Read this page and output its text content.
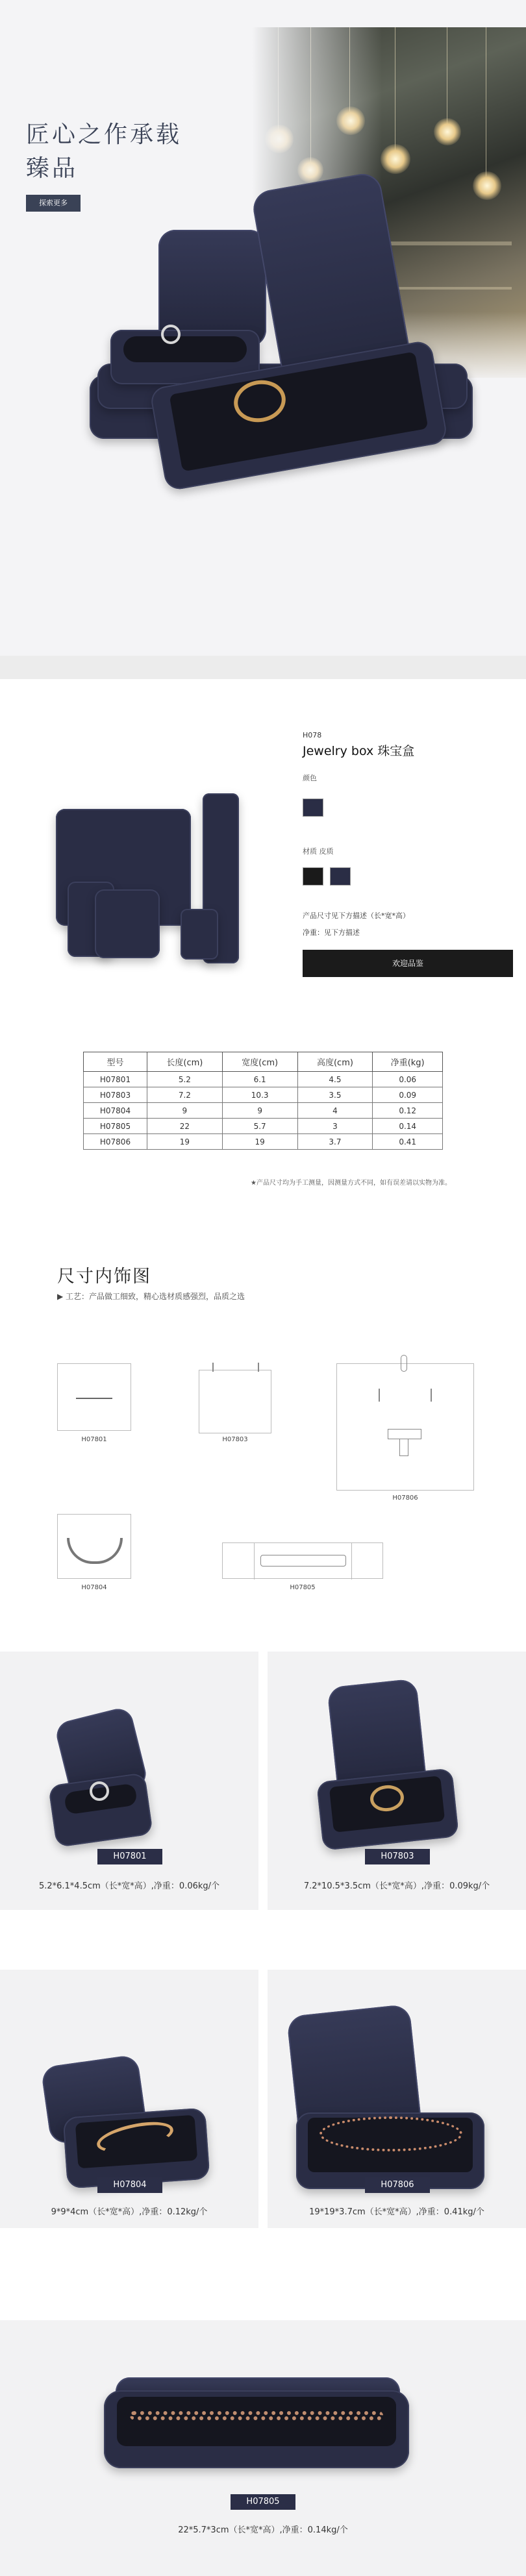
匠心之作承载
臻品
探索更多
H078
Jewelry box 珠宝盒
颜色
材质 皮质
产品尺寸见下方描述（长*宽*高）
净重：见下方描述
欢迎品鉴
型号	长度(cm)	宽度(cm)	高度(cm)	净重(kg)
H07801	5.2	6.1	4.5	0.06
H07803	7.2	10.3	3.5	0.09
H07804	9	9	4	0.12
H07805	22	5.7	3	0.14
H07806	19	19	3.7	0.41
★产品尺寸均为手工测量，因测量方式不同，如有误差请以实物为准。
尺寸内饰图
▶ 工艺：产品做工细致，精心选材质感强烈，品质之选
H07801	H07803
H07806
H07804	H07805
H07801
5.2*6.1*4.5cm（长*宽*高）,净重：0.06kg/个
H07803
7.2*10.5*3.5cm（长*宽*高）,净重：0.09kg/个
H07804
9*9*4cm（长*宽*高）,净重：0.12kg/个
H07806
19*19*3.7cm（长*宽*高）,净重：0.41kg/个
H07805
22*5.7*3cm（长*宽*高）,净重：0.14kg/个
